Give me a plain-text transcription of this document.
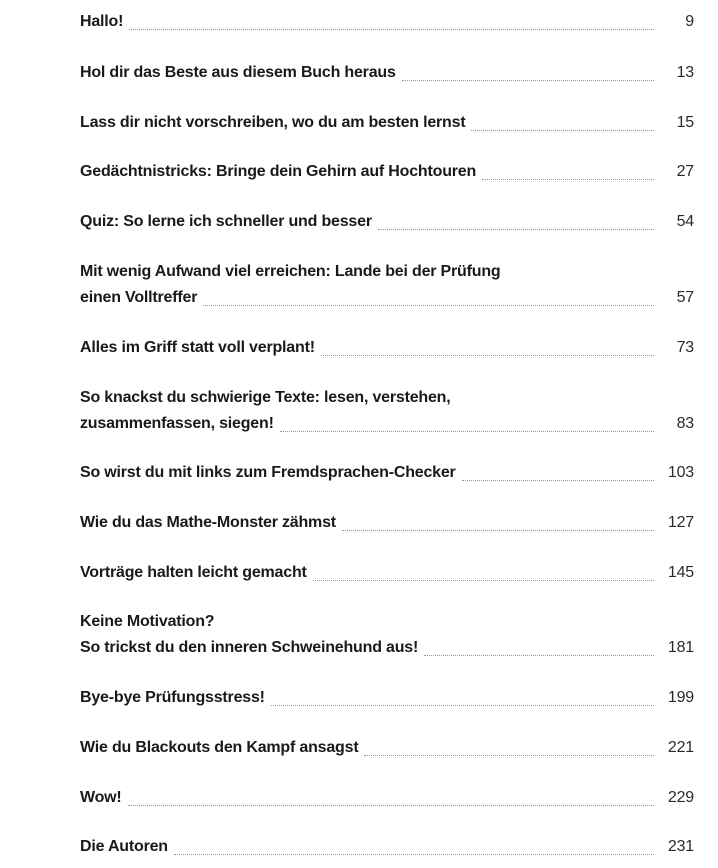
Hallo!	9
Hol dir das Beste aus diesem Buch heraus	13
Lass dir nicht vorschreiben, wo du am besten lernst	15
Gedächtnistricks: Bringe dein Gehirn auf Hochtouren	27
Quiz: So lerne ich schneller und besser	54
Mit wenig Aufwand viel erreichen: Lande bei der Prüfung
einen Volltreffer	57
Alles im Griff statt voll verplant!	73
So knackst du schwierige Texte: lesen, verstehen,
zusammenfassen, siegen!	83
So wirst du mit links zum Fremdsprachen-Checker	103
Wie du das Mathe-Monster zähmst	127
Vorträge halten leicht gemacht	145
Keine Motivation?
So trickst du den inneren Schweinehund aus!	181
Bye-bye Prüfungsstress!	199
Wie du Blackouts den Kampf ansagst	221
Wow!	229
Die Autoren	231
